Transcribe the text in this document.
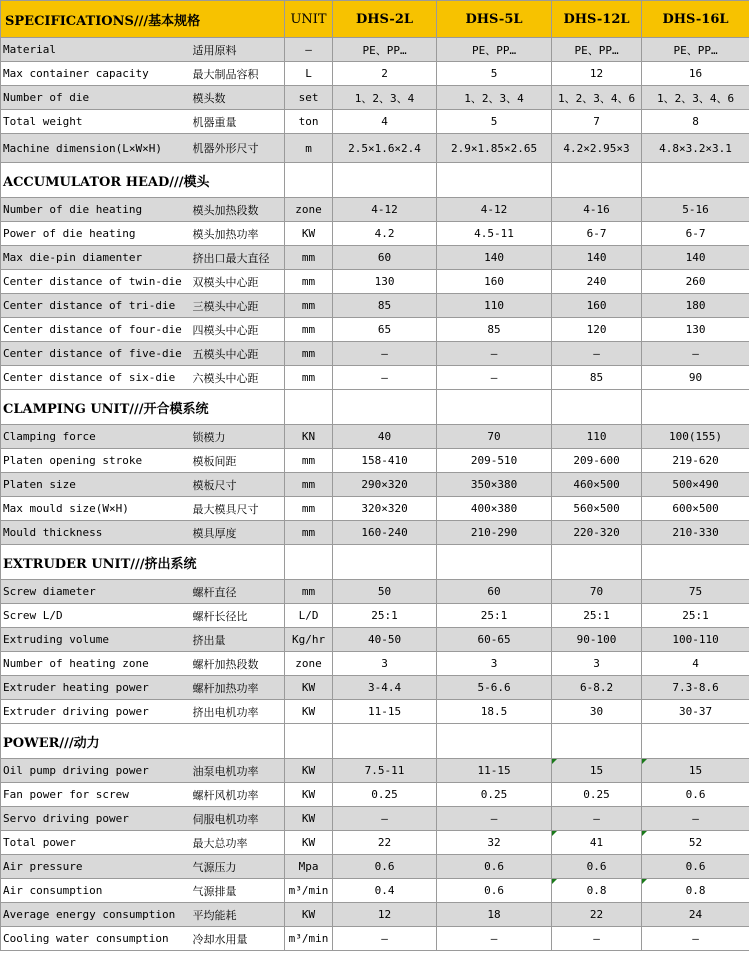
SPECIFICATIONS///基本规格		UNIT	DHS-2L	DHS-5L	DHS-12L	DHS-16L
Material	适用原料	—	PE、PP…	PE、PP…	PE、PP…	PE、PP…
Max container capacity	最大制品容积	L	2	5	12	16
Number of die	模头数	set	1、2、3、4	1、2、3、4	1、2、3、4、6	1、2、3、4、6
Total weight	机器重量	ton	4	5	7	8
Machine dimension(L×W×H)	机器外形尺寸	m	2.5×1.6×2.4	2.9×1.85×2.65	4.2×2.95×3	4.8×3.2×3.1
ACCUMULATOR HEAD///模头						
Number of die heating	模头加热段数	zone	4-12	4-12	4-16	5-16
Power of die heating	模头加热功率	KW	4.2	4.5-11	6-7	6-7
Max die-pin diamenter	挤出口最大直径	mm	60	140	140	140
Center distance of twin-die	双模头中心距	mm	130	160	240	260
Center distance of tri-die	三模头中心距	mm	85	110	160	180
Center distance of four-die	四模头中心距	mm	65	85	120	130
Center distance of five-die	五模头中心距	mm	—	—	—	—
Center distance of six-die	六模头中心距	mm	—	—	85	90
CLAMPING UNIT///开合模系统						
Clamping force	锁模力	KN	40	70	110	100(155)
Platen opening stroke	模板间距	mm	158-410	209-510	209-600	219-620
Platen size	模板尺寸	mm	290×320	350×380	460×500	500×490
Max mould size(W×H)	最大模具尺寸	mm	320×320	400×380	560×500	600×500
Mould thickness	模具厚度	mm	160-240	210-290	220-320	210-330
EXTRUDER UNIT///挤出系统						
Screw diameter	螺杆直径	mm	50	60	70	75
Screw L/D	螺杆长径比	L/D	25:1	25:1	25:1	25:1
Extruding volume	挤出量	Kg/hr	40-50	60-65	90-100	100-110
Number of heating zone	螺杆加热段数	zone	3	3	3	4
Extruder heating power	螺杆加热功率	KW	3-4.4	5-6.6	6-8.2	7.3-8.6
Extruder driving power	挤出电机功率	KW	11-15	18.5	30	30-37
POWER///动力						
Oil pump driving power	油泵电机功率	KW	7.5-11	11-15	15	15
Fan power for screw	螺杆风机功率	KW	0.25	0.25	0.25	0.6
Servo driving power	伺服电机功率	KW	—	—	—	—
Total power	最大总功率	KW	22	32	41	52
Air pressure	气源压力	Mpa	0.6	0.6	0.6	0.6
Air consumption	气源排量	m³/min	0.4	0.6	0.8	0.8
Average energy consumption	平均能耗	KW	12	18	22	24
Cooling water consumption	冷却水用量	m³/min	—	—	—	—
